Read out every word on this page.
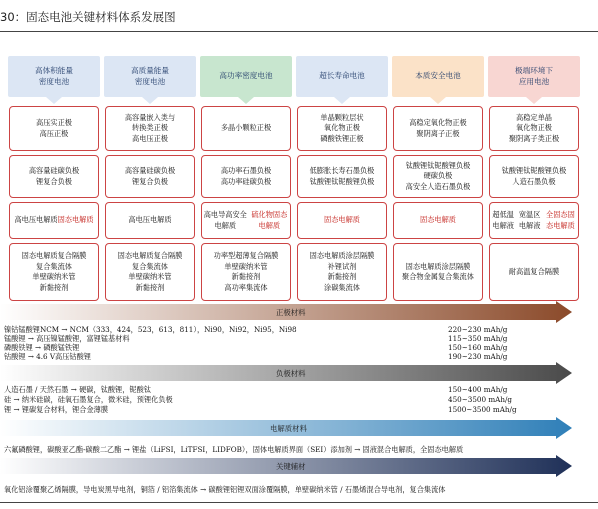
30：固态电池关键材料体系发展图
高体积能量
密度电池
高压实正极
高压正极
高容量硅碳负极
锂复合负极
高电压电解质 固态电解质
固态电解质复合隔膜
复合集流体
单壁碳纳米管
新黏接剂
高质量能量
密度电池
高容量嵌入类与
转换类正极
高电压正极
高容量硅碳负极
锂复合负极
高电压电解质
固态电解质复合隔膜
复合集流体
单壁碳纳米管
新黏接剂
高功率密度电池
多晶小颗粒正极
高功率石墨负极
高功率硅碳负极
高电导高安全电解质
硫化物固态电解质
功率型超薄复合隔膜
单壁碳纳米管
新黏接剂
高功率集流体
超长寿命电池
单晶颗粒层状
氧化物正极
磷酸铁锂正极
低膨胀长寿石墨负极
钛酸锂钛铌酸锂负极
固态电解质
固态电解质涂层隔膜
补锂试剂
新黏接剂
涂碳集流体
本质安全电池
高稳定氧化物正极
聚阴离子正极
钛酸锂钛铌酸锂负极
硬碳负极
高安全人造石墨负极
固态电解质
固态电解质涂层隔膜
聚合物金属复合集流体
极端环境下
应用电池
高稳定单晶
氧化物正极
聚阴离子类正极
钛酸锂钛铌酸锂负极
人造石墨负极
超低温电解液
宽温区电解液
全固态固态电解质
耐高温复合隔膜
正极材料
镍钴锰酸锂NCM → NCM（333，424，523，613，811），Ni90，Ni92，Ni95，Ni98	220~230 mAh/g
锰酸锂 → 高压镍锰酸锂，富锂锰基材料	115~350 mAh/g
磷酸铁锂 → 磷酸锰铁锂	150~160 mAh/g
钴酸锂 → 4.6 V高压钴酸锂	190~230 mAh/g
负极材料
人造石墨 / 天然石墨 → 硬碳，钛酸锂，铌酸钛	150~400 mAh/g
硅 → 纳米硅碳，硅氧石墨复合，微米硅，预锂化负极	450~3500 mAh/g
锂 → 锂碳复合材料，锂合金薄膜	1500~3500 mAh/g
电解质材料
六氟磷酸锂，碳酸亚乙酯-碳酸二乙酯 → 锂盐（LiFSI，LiTFSI，LIDFOB），固体电解质界面（SEI）添加剂 → 固液混合电解质，全固态电解质
关键辅材
氧化铝涂覆聚乙烯隔膜，导电炭黑导电剂，铜箔 / 铝箔集流体 → 碳酸锂铝锂双面涂覆隔膜，单壁碳纳米管 / 石墨烯混合导电剂，复合集流体
